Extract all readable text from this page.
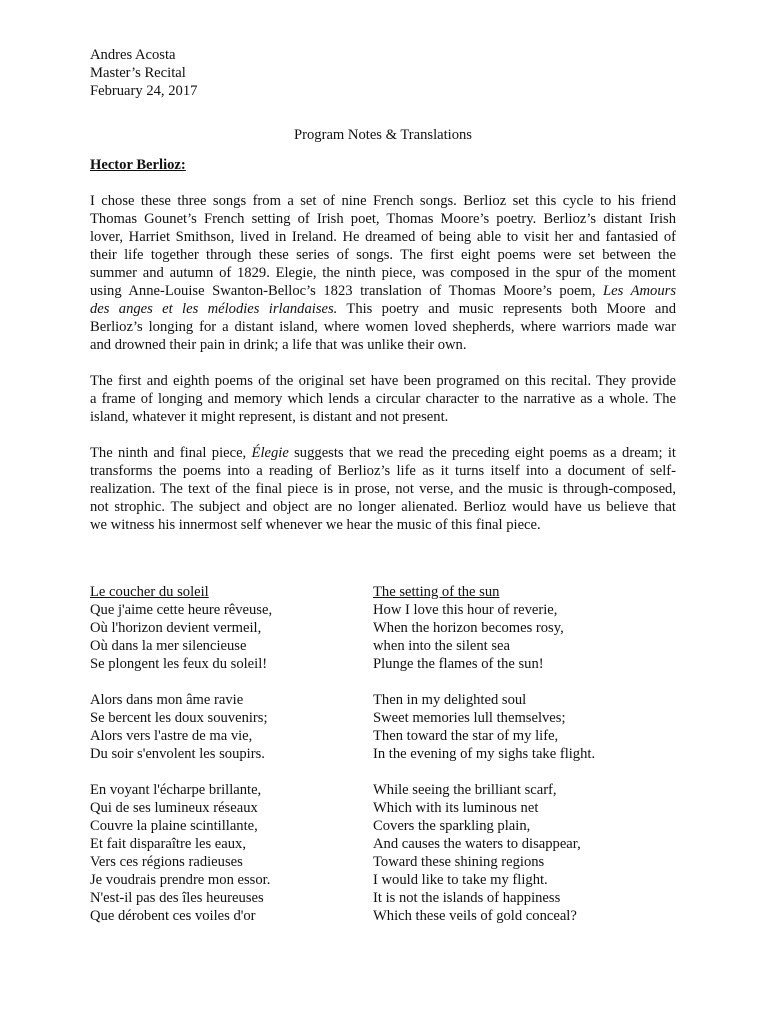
Andres Acosta
Master’s Recital
February 24, 2017
Program Notes & Translations
Hector Berlioz:
I chose these three songs from a set of nine French songs. Berlioz set this cycle to his friend
Thomas Gounet’s French setting of Irish poet, Thomas Moore’s poetry. Berlioz’s distant Irish
lover, Harriet Smithson, lived in Ireland. He dreamed of being able to visit her and fantasied of
their life together through these series of songs. The first eight poems were set between the
summer and autumn of 1829. Elegie, the ninth piece, was composed in the spur of the moment
using Anne-Louise Swanton-Belloc’s 1823 translation of Thomas Moore’s poem, Les Amours
des anges et les mélodies irlandaises. This poetry and music represents both Moore and
Berlioz’s longing for a distant island, where women loved shepherds, where warriors made war
and drowned their pain in drink; a life that was unlike their own.
The first and eighth poems of the original set have been programed on this recital. They provide
a frame of longing and memory which lends a circular character to the narrative as a whole. The
island, whatever it might represent, is distant and not present.
The ninth and final piece, Élegie suggests that we read the preceding eight poems as a dream; it
transforms the poems into a reading of Berlioz’s life as it turns itself into a document of self-
realization. The text of the final piece is in prose, not verse, and the music is through-composed,
not strophic. The subject and object are no longer alienated. Berlioz would have us believe that
we witness his innermost self whenever we hear the music of this final piece.
Le coucher du soleil	The setting of the sun
Que j'aime cette heure rêveuse,
Où l'horizon devient vermeil,
Où dans la mer silencieuse
Se plongent les feux du soleil!
How I love this hour of reverie,
When the horizon becomes rosy,
when into the silent sea
Plunge the flames of the sun!
Alors dans mon âme ravie
Se bercent les doux souvenirs;
Alors vers l'astre de ma vie,
Du soir s'envolent les soupirs.
Then in my delighted soul
Sweet memories lull themselves;
Then toward the star of my life,
In the evening of my sighs take flight.
En voyant l'écharpe brillante,
Qui de ses lumineux réseaux
Couvre la plaine scintillante,
Et fait disparaître les eaux,
Vers ces régions radieuses
Je voudrais prendre mon essor.
N'est-il pas des îles heureuses
Que dérobent ces voiles d'or
While seeing the brilliant scarf,
Which with its luminous net
Covers the sparkling plain,
And causes the waters to disappear,
Toward these shining regions
I would like to take my flight.
It is not the islands of happiness
Which these veils of gold conceal?
